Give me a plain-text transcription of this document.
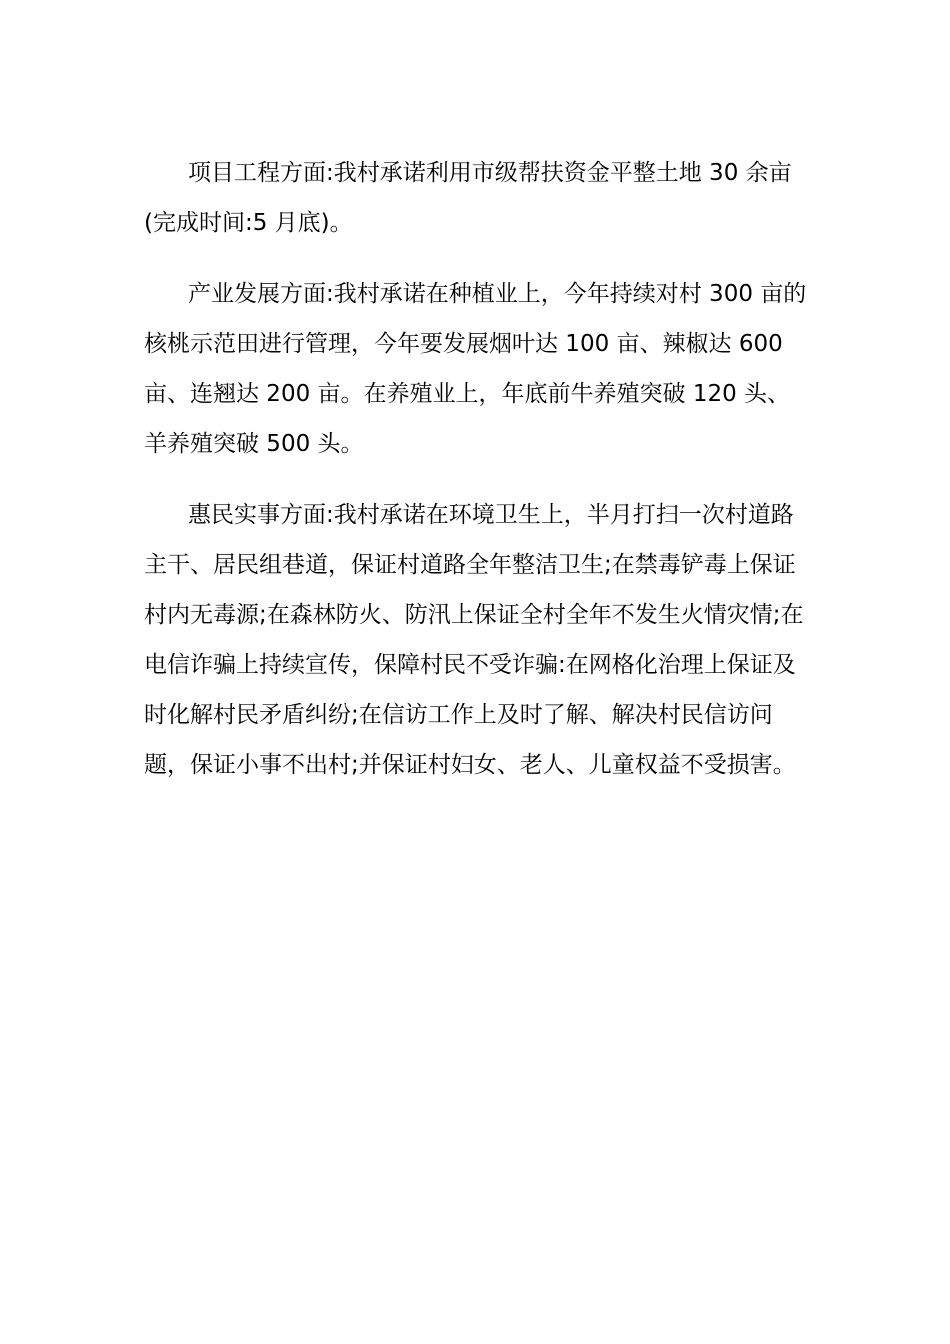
项目工程方面:我村承诺利用市级帮扶资金平整土地 30 余亩(完成时间:5 月底)。

产业发展方面:我村承诺在种植业上，今年持续对村 300 亩的核桃示范田进行管理，今年要发展烟叶达 100 亩、辣椒达 600 亩、连翘达 200 亩。在养殖业上，年底前牛养殖突破 120 头、羊养殖突破 500 头。

惠民实事方面:我村承诺在环境卫生上，半月打扫一次村道路主干、居民组巷道，保证村道路全年整洁卫生;在禁毒铲毒上保证村内无毒源;在森林防火、防汛上保证全村全年不发生火情灾情;在电信诈骗上持续宣传，保障村民不受诈骗:在网格化治理上保证及时化解村民矛盾纠纷;在信访工作上及时了解、解决村民信访问题，保证小事不出村;并保证村妇女、老人、儿童权益不受损害。
